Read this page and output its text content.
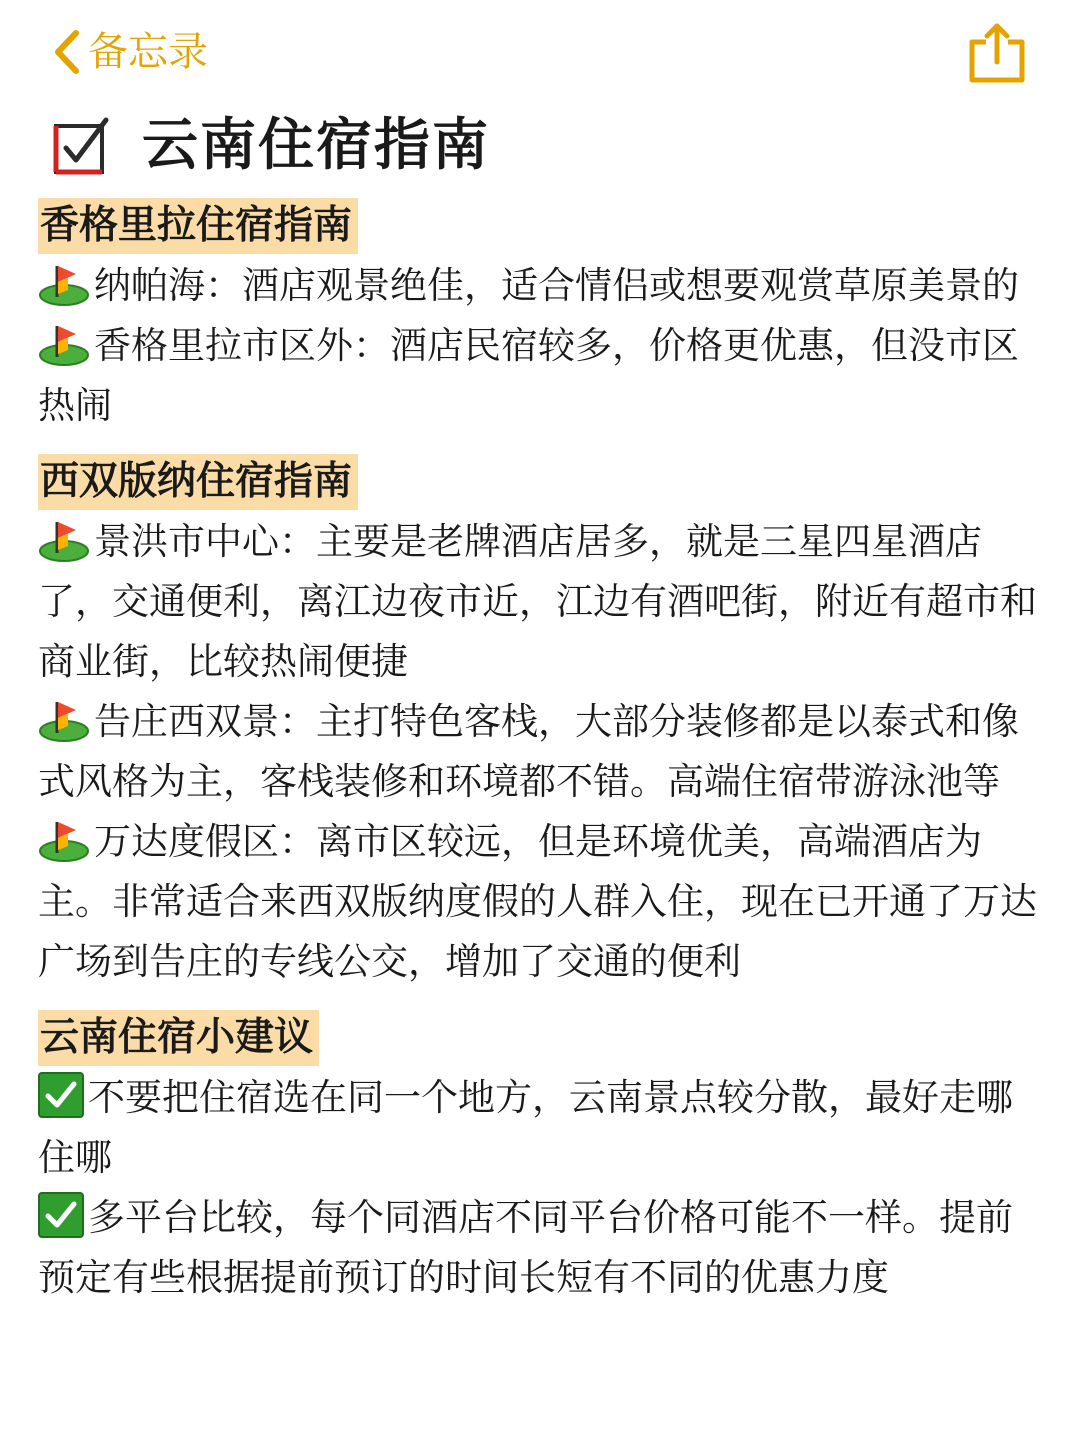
备忘录
云南住宿指南
香格里拉住宿指南

纳帕海：酒店观景绝佳，适合情侣或想要观赏草原美景的

香格里拉市区外：酒店民宿较多，价格更优惠，但没市区热闹

西双版纳住宿指南

景洪市中心：主要是老牌酒店居多，就是三星四星酒店了，交通便利，离江边夜市近，江边有酒吧街，附近有超市和商业街，比较热闹便捷

告庄西双景：主打特色客栈，大部分装修都是以泰式和像式风格为主，客栈装修和环境都不错。高端住宿带游泳池等

万达度假区：离市区较远，但是环境优美，高端酒店为主。非常适合来西双版纳度假的人群入住，现在已开通了万达广场到告庄的专线公交，增加了交通的便利

云南住宿小建议

不要把住宿选在同一个地方，云南景点较分散，最好走哪住哪

多平台比较，每个同酒店不同平台价格可能不一样。提前预定有些根据提前预订的时间长短有不同的优惠力度
